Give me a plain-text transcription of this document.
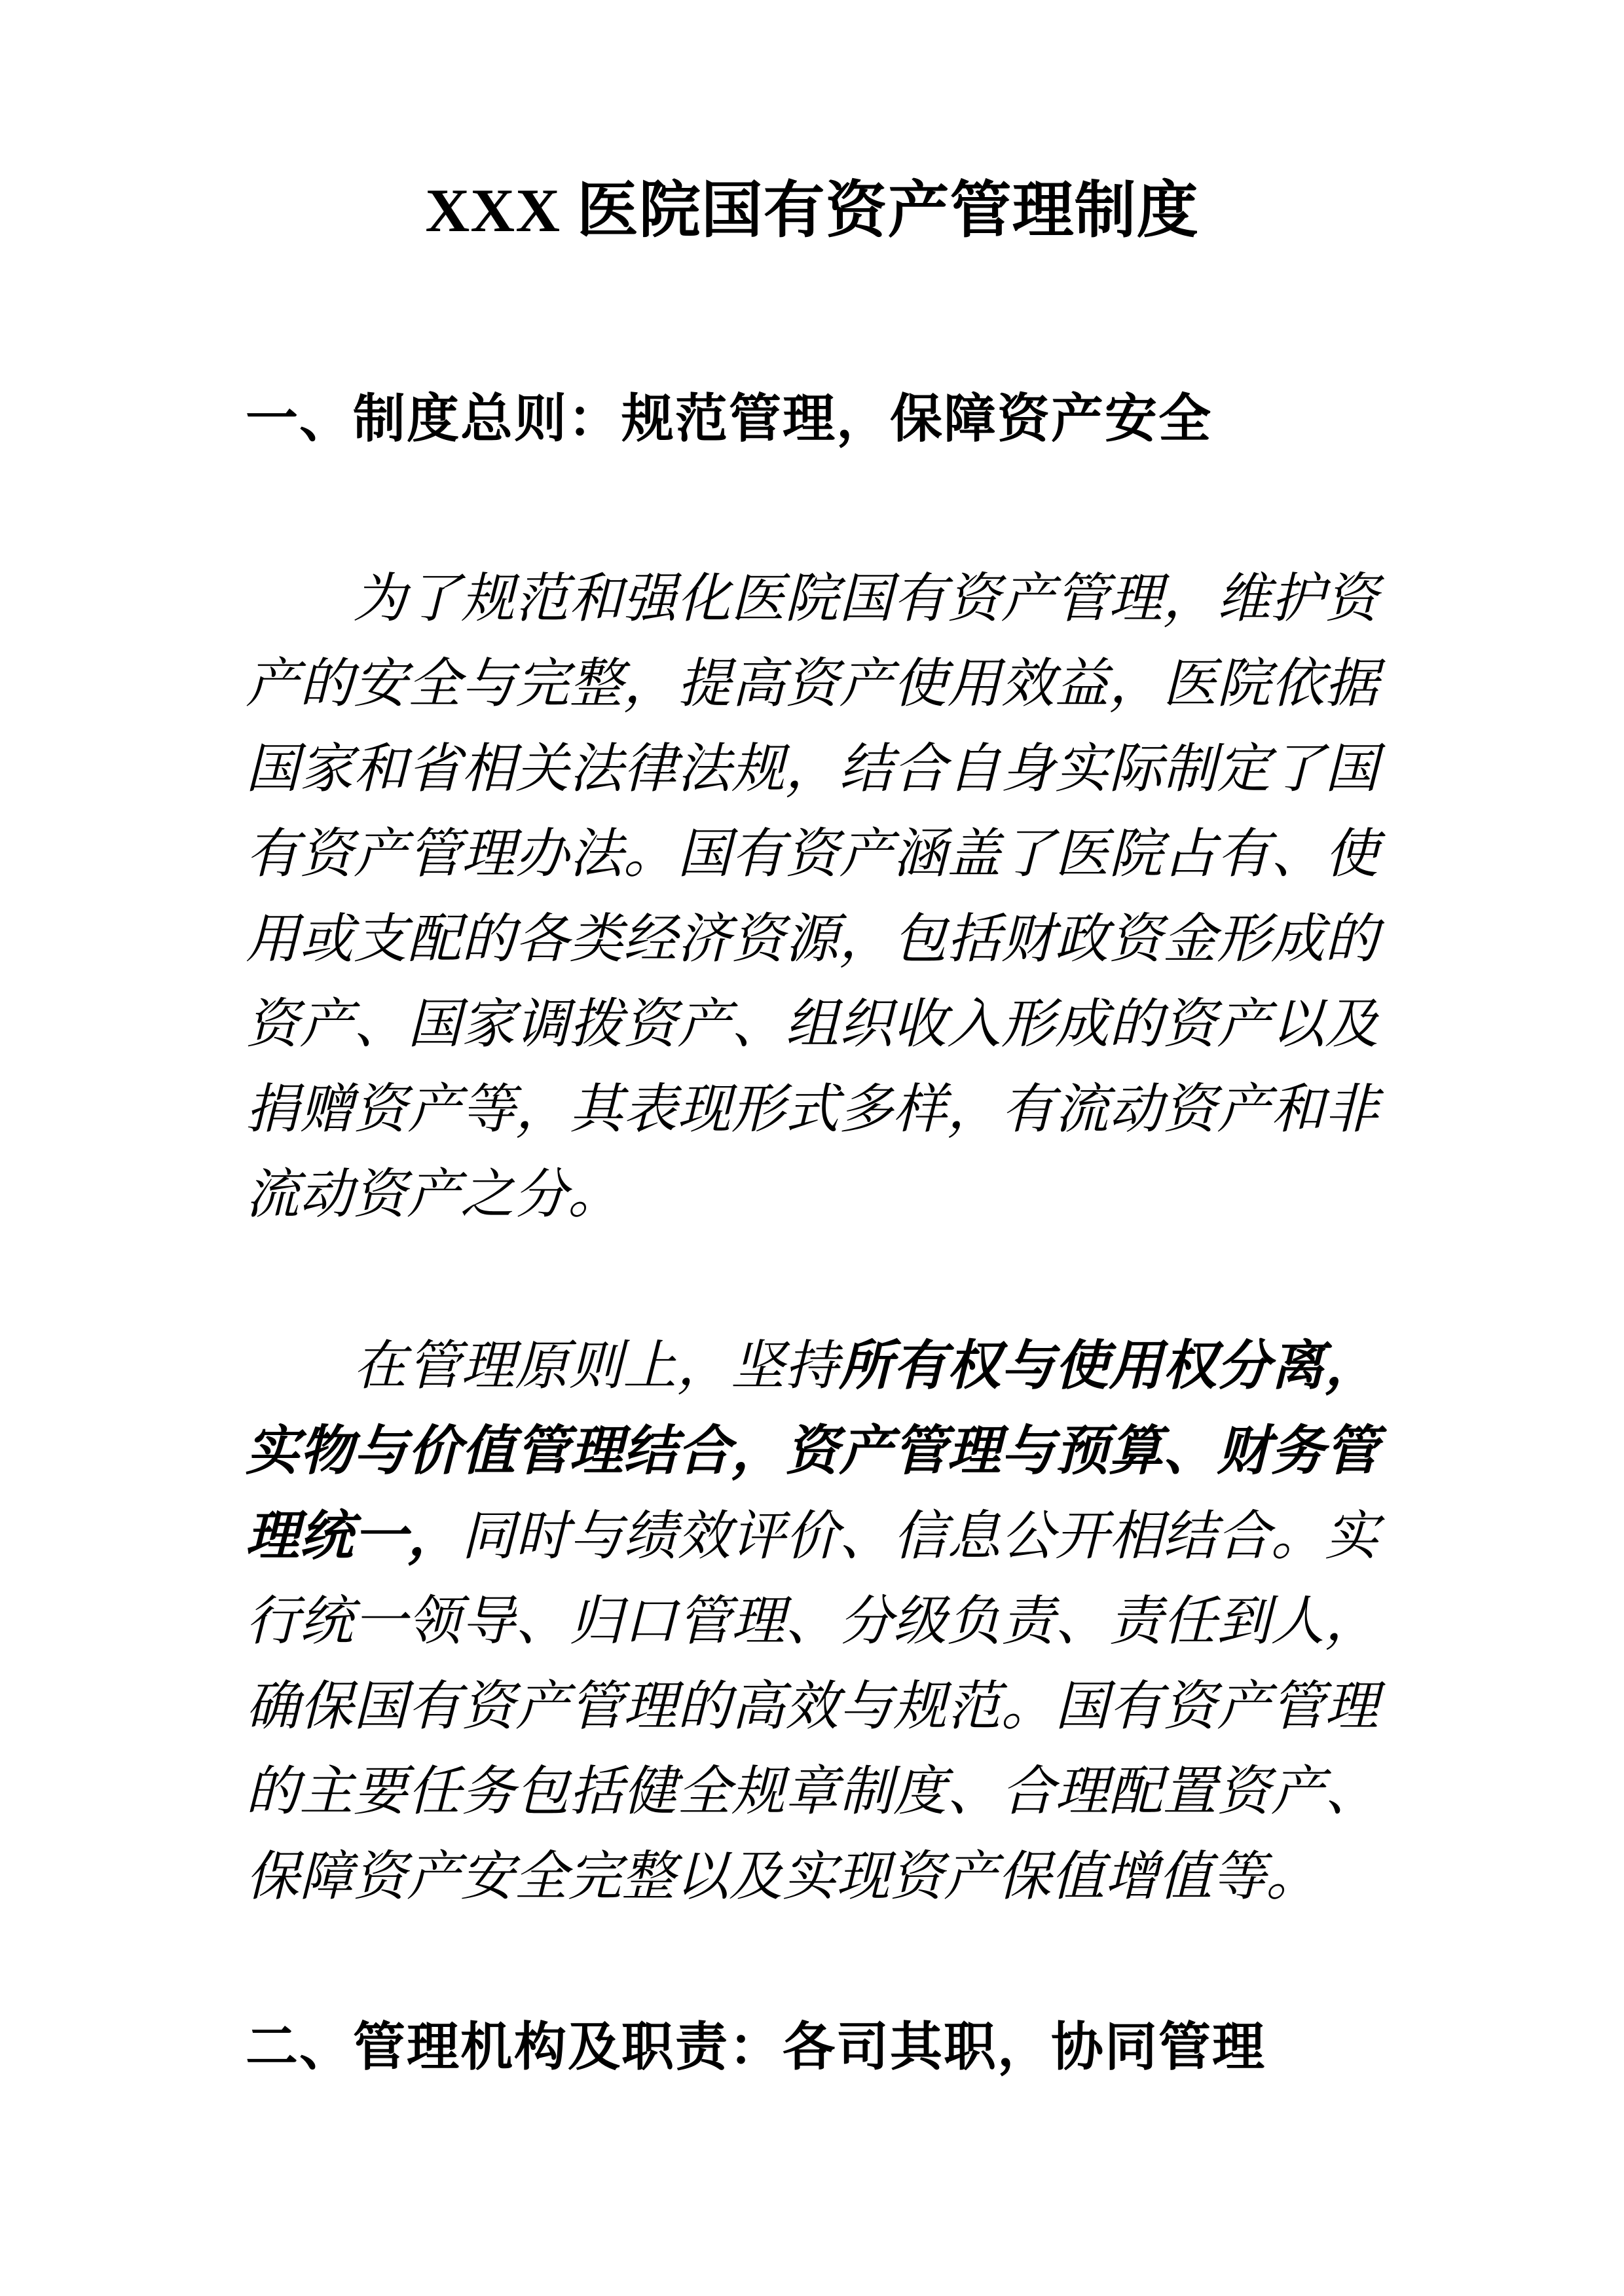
XXX 医院国有资产管理制度
一、制度总则：规范管理，保障资产安全

为了规范和强化医院国有资产管理，维护资产的安全与完整，提高资产使用效益，医院依据国家和省相关法律法规，结合自身实际制定了国有资产管理办法。国有资产涵盖了医院占有、使用或支配的各类经济资源，包括财政资金形成的资产、国家调拨资产、组织收入形成的资产以及捐赠资产等，其表现形式多样，有流动资产和非流动资产之分。

在管理原则上，坚持所有权与使用权分离，实物与价值管理结合，资产管理与预算、财务管理统一，同时与绩效评价、信息公开相结合。实行统一领导、归口管理、分级负责、责任到人，确保国有资产管理的高效与规范。国有资产管理的主要任务包括健全规章制度、合理配置资产、保障资产安全完整以及实现资产保值增值等。

二、管理机构及职责：各司其职，协同管理
